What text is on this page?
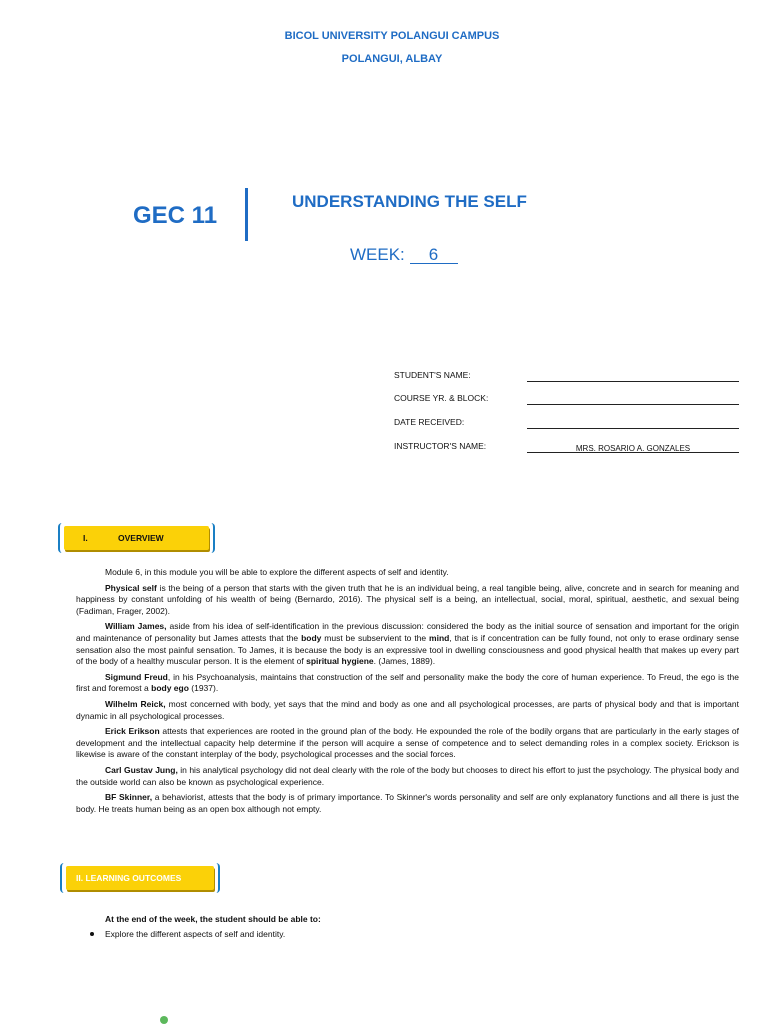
BICOL UNIVERSITY POLANGUI CAMPUS
POLANGUI, ALBAY
GEC 11
UNDERSTANDING THE SELF
WEEK: 6
STUDENT'S NAME:
COURSE YR. & BLOCK:
DATE RECEIVED:
INSTRUCTOR'S NAME:	MRS. ROSARIO A. GONZALES
I.	OVERVIEW

Module 6, in this module you will be able to explore the different aspects of self and identity.

Physical self is the being of a person that starts with the given truth that he is an individual being, a real tangible being, alive, concrete and in search for meaning and happiness by constant unfolding of his wealth of being (Bernardo, 2016). The physical self is a being, an intellectual, social, moral, spiritual, aesthetic, and sexual being (Fadiman, Frager, 2002).

William James, aside from his idea of self-identification in the previous discussion: considered the body as the initial source of sensation and important for the origin and maintenance of personality but James attests that the body must be subservient to the mind, that is if concentration can be fully found, not only to erase ordinary sense sensation also the most painful sensation. To James, it is because the body is an expressive tool in dwelling consciousness and good physical health that makes up every part of the body of a healthy muscular person. It is the element of spiritual hygiene. (James, 1889).

Sigmund Freud, in his Psychoanalysis, maintains that construction of the self and personality make the body the core of human experience. To Freud, the ego is the first and foremost a body ego (1937).

Wilhelm Reick, most concerned with body, yet says that the mind and body as one and all psychological processes, are parts of physical body and that is important dynamic in all psychological processes.

Erick Erikson attests that experiences are rooted in the ground plan of the body. He expounded the role of the bodily organs that are particularly in the early stages of development and the intellectual capacity help determine if the person will acquire a sense of competence and to select demanding roles in a complex society. Erickson is likewise is aware of the constant interplay of the body, psychological processes and the social forces.

Carl Gustav Jung, in his analytical psychology did not deal clearly with the role of the body but chooses to direct his effort to just the psychology. The physical body and the outside world can also be known as psychological experience.

BF Skinner, a behaviorist, attests that the body is of primary importance. To Skinner's words personality and self are only explanatory functions and all there is just the body. He treats human being as an open box although not empty.

II. LEARNING OUTCOMES
At the end of the week, the student should be able to:
Explore the different aspects of self and identity.
